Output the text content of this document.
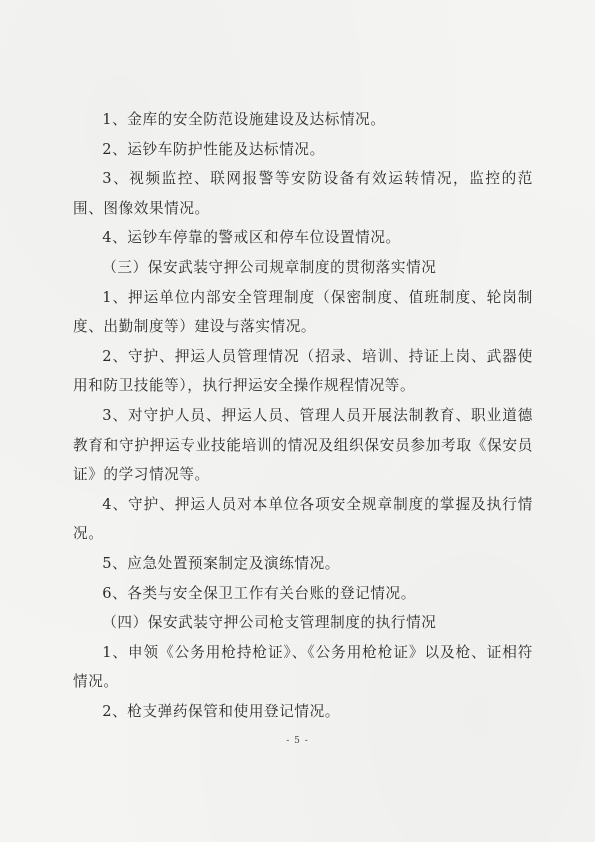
1、金库的安全防范设施建设及达标情况。

2、运钞车防护性能及达标情况。

3、视频监控、联网报警等安防设备有效运转情况，监控的范围、图像效果情况。

4、运钞车停靠的警戒区和停车位设置情况。

（三）保安武装守押公司规章制度的贯彻落实情况

1、押运单位内部安全管理制度（保密制度、值班制度、轮岗制度、出勤制度等）建设与落实情况。

2、守护、押运人员管理情况（招录、培训、持证上岗、武器使用和防卫技能等），执行押运安全操作规程情况等。

3、对守护人员、押运人员、管理人员开展法制教育、职业道德教育和守护押运专业技能培训的情况及组织保安员参加考取《保安员证》的学习情况等。

4、守护、押运人员对本单位各项安全规章制度的掌握及执行情况。

5、应急处置预案制定及演练情况。

6、各类与安全保卫工作有关台账的登记情况。

（四）保安武装守押公司枪支管理制度的执行情况

1、申领《公务用枪持枪证》、《公务用枪枪证》以及枪、证相符情况。

2、枪支弹药保管和使用登记情况。

- 5 -
